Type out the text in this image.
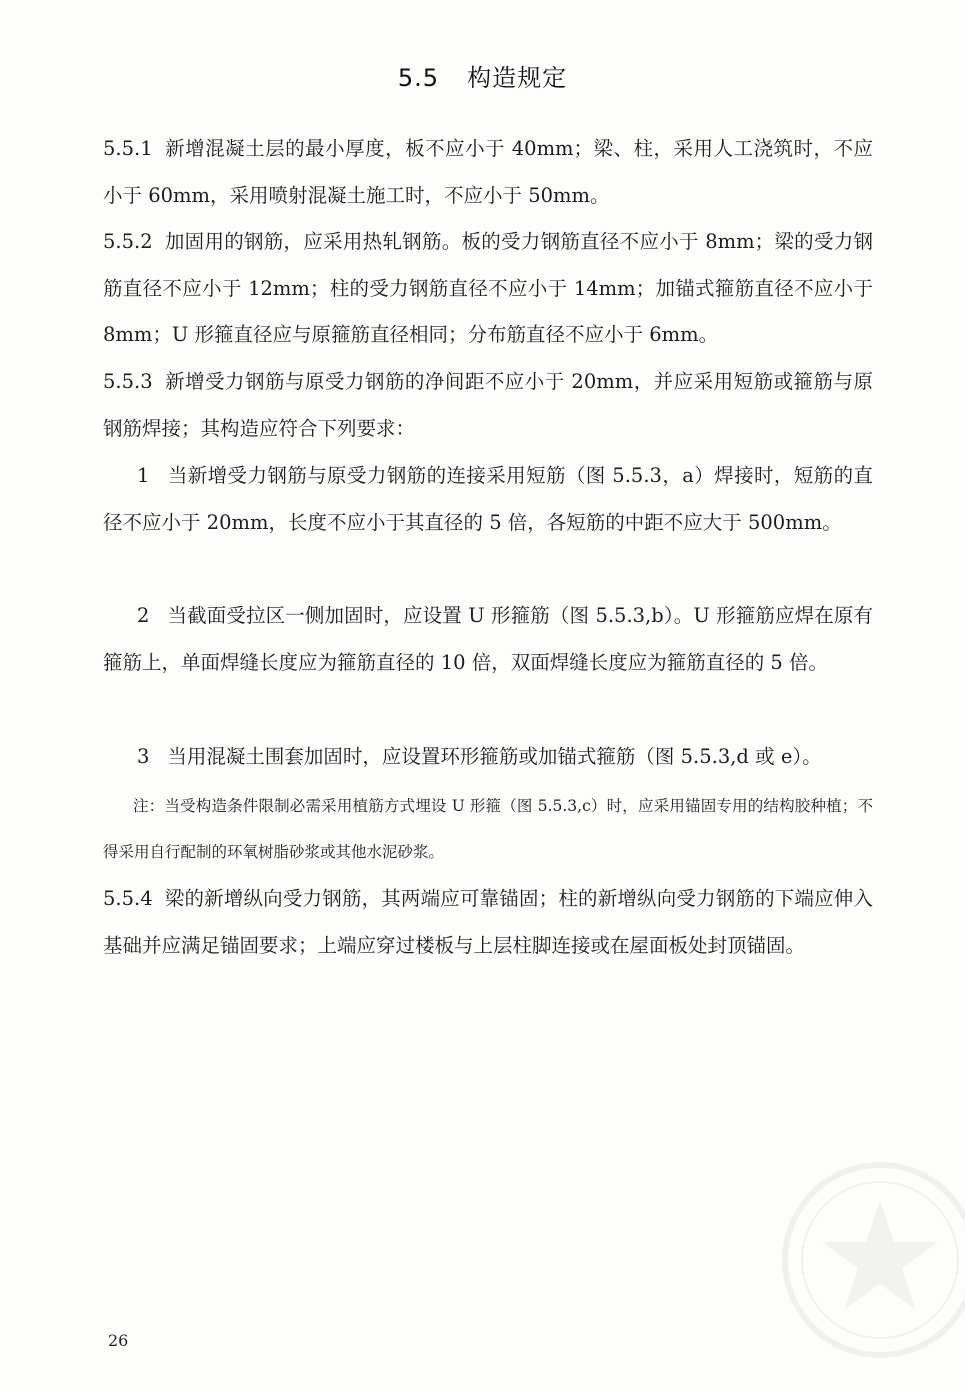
5.5 构造规定
5.5.1 新增混凝土层的最小厚度，板不应小于 40mm；梁、柱，采用人工浇筑时，不应小于 60mm，采用喷射混凝土施工时，不应小于 50mm。
5.5.2 加固用的钢筋，应采用热轧钢筋。板的受力钢筋直径不应小于 8mm；梁的受力钢筋直径不应小于 12mm；柱的受力钢筋直径不应小于 14mm；加锚式箍筋直径不应小于 8mm；U 形箍直径应与原箍筋直径相同；分布筋直径不应小于 6mm。
5.5.3 新增受力钢筋与原受力钢筋的净间距不应小于 20mm，并应采用短筋或箍筋与原钢筋焊接；其构造应符合下列要求：
1 当新增受力钢筋与原受力钢筋的连接采用短筋（图 5.5.3，a）焊接时，短筋的直径不应小于 20mm，长度不应小于其直径的 5 倍，各短筋的中距不应大于 500mm。
2 当截面受拉区一侧加固时，应设置 U 形箍筋（图 5.5.3,b）。U 形箍筋应焊在原有箍筋上，单面焊缝长度应为箍筋直径的 10 倍，双面焊缝长度应为箍筋直径的 5 倍。
3 当用混凝土围套加固时，应设置环形箍筋或加锚式箍筋（图 5.5.3,d 或 e）。
注：当受构造条件限制必需采用植筋方式埋设 U 形箍（图 5.5.3,c）时，应采用锚固专用的结构胶种植；不得采用自行配制的环氧树脂砂浆或其他水泥砂浆。
5.5.4 梁的新增纵向受力钢筋，其两端应可靠锚固；柱的新增纵向受力钢筋的下端应伸入基础并应满足锚固要求；上端应穿过楼板与上层柱脚连接或在屋面板处封顶锚固。
26
